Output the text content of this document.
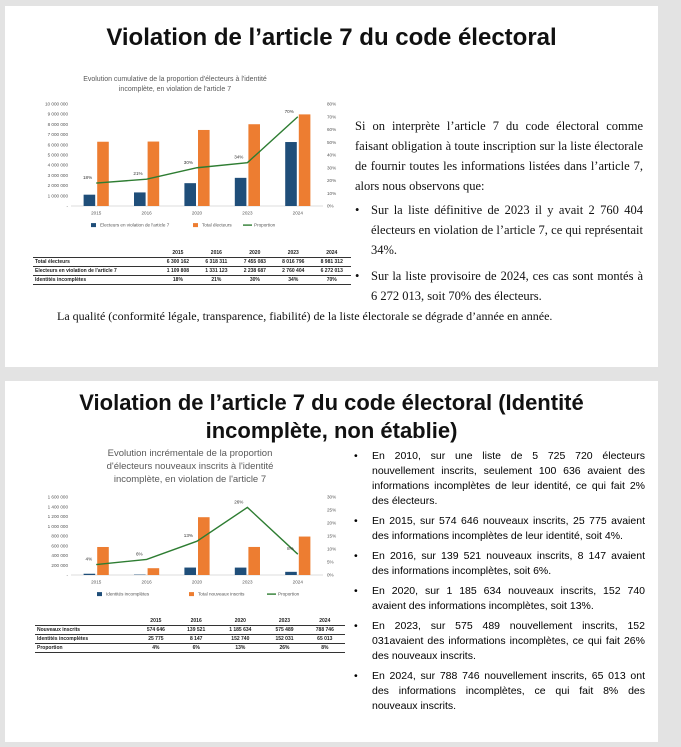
Violation de l’article 7 du code électoral
Evolution cumulative de la proportion d'électeurs à l'identité
incomplète, en violation de l'article 7
10 000 000
9 000 000
8 000 000
7 000 000
6 000 000
5 000 000
4 000 000
3 000 000
2 000 000
1 000 000
-
80%
70%
60%
50%
40%
30%
20%
10%
0%
2015	2016	2020	2023	2024
18%
21%
30%
34%
70%
Electeurs en violation de l'article 7	Total électeurs	Proportion
	2015	2016	2020	2023	2024
Total électeurs	6 300 162	6 318 311	7 455 083	8 016 796	8 981 312
Electeurs en violation de l'article 7	1 109 808	1 331 123	2 238 687	2 760 404	6 272 013
Identités incomplètes	18%	21%	30%	34%	70%

Si on interprète l’article 7 du code électoral comme faisant obligation à toute inscription sur la liste électorale de fournir toutes les informations listées dans l’article 7, alors nous observons que:

• Sur la liste définitive de 2023 il y avait 2 760 404 électeurs en violation de l’article 7, ce qui représentait 34%.
• Sur la liste provisoire de 2024, ces cas sont montés à 6 272 013, soit 70% des électeurs.
La qualité (conformité légale, transparence, fiabilité) de la liste électorale se dégrade d’année en année.
Violation de l’article 7 du code électoral (Identité incomplète, non établie)
Evolution incrémentale de la proportion
d'électeurs nouveaux inscrits à l'identité
incomplète, en violation de l'article 7
1 600 000
1 400 000
1 200 000
1 000 000
800 000
600 000
400 000
200 000
-
30%
25%
20%
15%
10%
5%
0%
2015	2016	2020	2023	2024
4%
6%
13%
26%
8%
Identités incomplètes	Total nouveaux inscrits	Proportion
	2015	2016	2020	2023	2024
Nouveaux inscrits	574 646	139 521	1 185 634	575 489	788 746
Identités incomplètes	25 775	8 147	152 740	152 031	65 013
Proportion	4%	6%	13%	26%	8%
• En 2010, sur une liste de 5 725 720 électeurs nouvellement inscrits, seulement 100 636 avaient des informations incomplètes de leur identité, ce qui fait 2% des électeurs.
• En 2015, sur 574 646 nouveaux inscrits, 25 775 avaient des informations incomplètes de leur identité, soit 4%.
• En 2016, sur 139 521 nouveaux inscrits, 8 147 avaient des informations incomplètes, soit 6%.
• En 2020, sur 1 185 634 nouveaux inscrits, 152 740 avaient des informations incomplètes, soit 13%.
• En 2023, sur 575 489 nouvellement inscrits, 152 031avaient des informations incomplètes, ce qui fait 26% des nouveaux inscrits.
• En 2024, sur 788 746 nouvellement inscrits, 65 013 ont des informations incomplètes, ce qui fait 8% des nouveaux inscrits.
